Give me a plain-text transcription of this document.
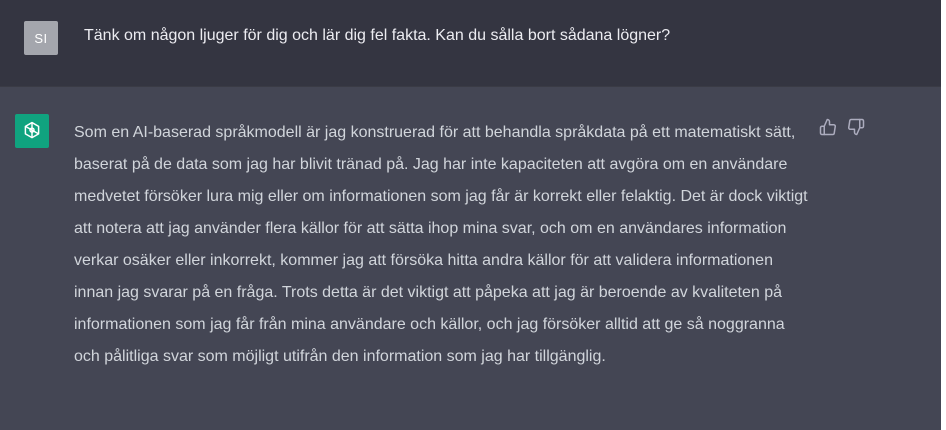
SI Tänk om någon ljuger för dig och lär dig fel fakta. Kan du sålla bort sådana lögner?
Som en AI-baserad språkmodell är jag konstruerad för att behandla språkdata på ett matematiskt sätt, baserat på de data som jag har blivit tränad på. Jag har inte kapaciteten att avgöra om en användare medvetet försöker lura mig eller om informationen som jag får är korrekt eller felaktig. Det är dock viktigt att notera att jag använder flera källor för att sätta ihop mina svar, och om en användares information verkar osäker eller inkorrekt, kommer jag att försöka hitta andra källor för att validera informationen innan jag svarar på en fråga. Trots detta är det viktigt att påpeka att jag är beroende av kvaliteten på informationen som jag får från mina användare och källor, och jag försöker alltid att ge så noggranna och pålitliga svar som möjligt utifrån den information som jag har tillgänglig.
